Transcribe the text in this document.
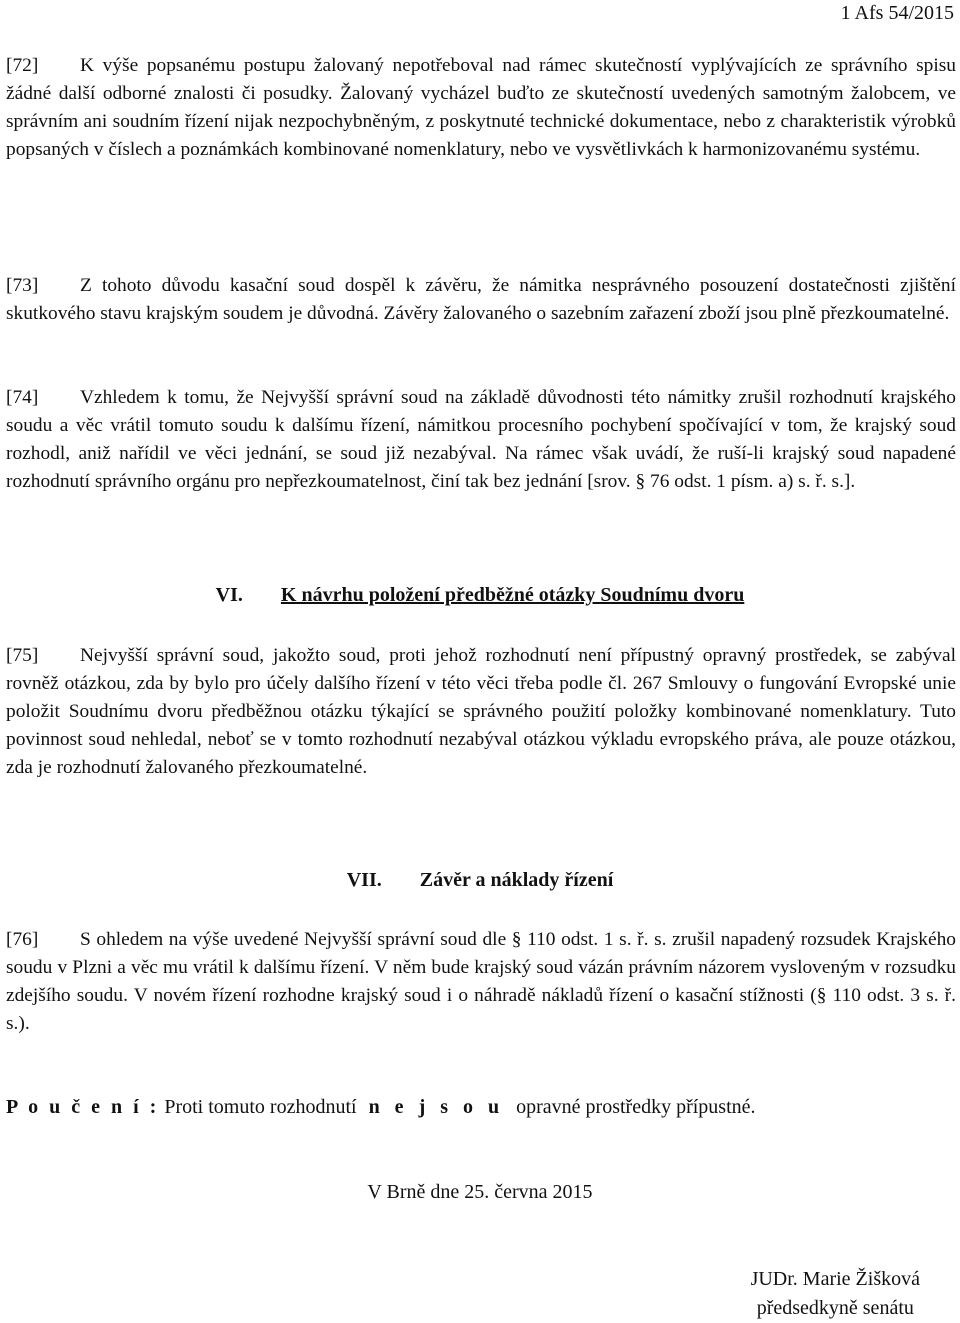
1 Afs 54/2015

[72] K výše popsanému postupu žalovaný nepotřeboval nad rámec skutečností vyplývajících ze správního spisu žádné další odborné znalosti či posudky. Žalovaný vycházel buďto ze skutečností uvedených samotným žalobcem, ve správním ani soudním řízení nijak nezpochybněným, z poskytnuté technické dokumentace, nebo z charakteristik výrobků popsaných v číslech a poznámkách kombinované nomenklatury, nebo ve vysvětlivkách k harmonizovanému systému.

[73] Z tohoto důvodu kasační soud dospěl k závěru, že námitka nesprávného posouzení dostatečnosti zjištění skutkového stavu krajským soudem je důvodná. Závěry žalovaného o sazebním zařazení zboží jsou plně přezkoumatelné.

[74] Vzhledem k tomu, že Nejvyšší správní soud na základě důvodnosti této námitky zrušil rozhodnutí krajského soudu a věc vrátil tomuto soudu k dalšímu řízení, námitkou procesního pochybení spočívající v tom, že krajský soud rozhodl, aniž nařídil ve věci jednání, se soud již nezabýval. Na rámec však uvádí, že ruší-li krajský soud napadené rozhodnutí správního orgánu pro nepřezkoumatelnost, činí tak bez jednání [srov. § 76 odst. 1 písm. a) s. ř. s.].

VI. K návrhu položení předběžné otázky Soudnímu dvoru

[75] Nejvyšší správní soud, jakožto soud, proti jehož rozhodnutí není přípustný opravný prostředek, se zabýval rovněž otázkou, zda by bylo pro účely dalšího řízení v této věci třeba podle čl. 267 Smlouvy o fungování Evropské unie položit Soudnímu dvoru předběžnou otázku týkající se správného použití položky kombinované nomenklatury. Tuto povinnost soud nehledal, neboť se v tomto rozhodnutí nezabýval otázkou výkladu evropského práva, ale pouze otázkou, zda je rozhodnutí žalovaného přezkoumatelné.

VII. Závěr a náklady řízení

[76] S ohledem na výše uvedené Nejvyšší správní soud dle § 110 odst. 1 s. ř. s. zrušil napadený rozsudek Krajského soudu v Plzni a věc mu vrátil k dalšímu řízení. V něm bude krajský soud vázán právním názorem vysloveným v rozsudku zdejšího soudu. V novém řízení rozhodne krajský soud i o náhradě nákladů řízení o kasační stížnosti (§ 110 odst. 3 s. ř. s.).

P o u č e n í : Proti tomuto rozhodnutí n e j s o u opravné prostředky přípustné.

V Brně dne 25. června 2015

JUDr. Marie Žišková
předsedkyně senátu
